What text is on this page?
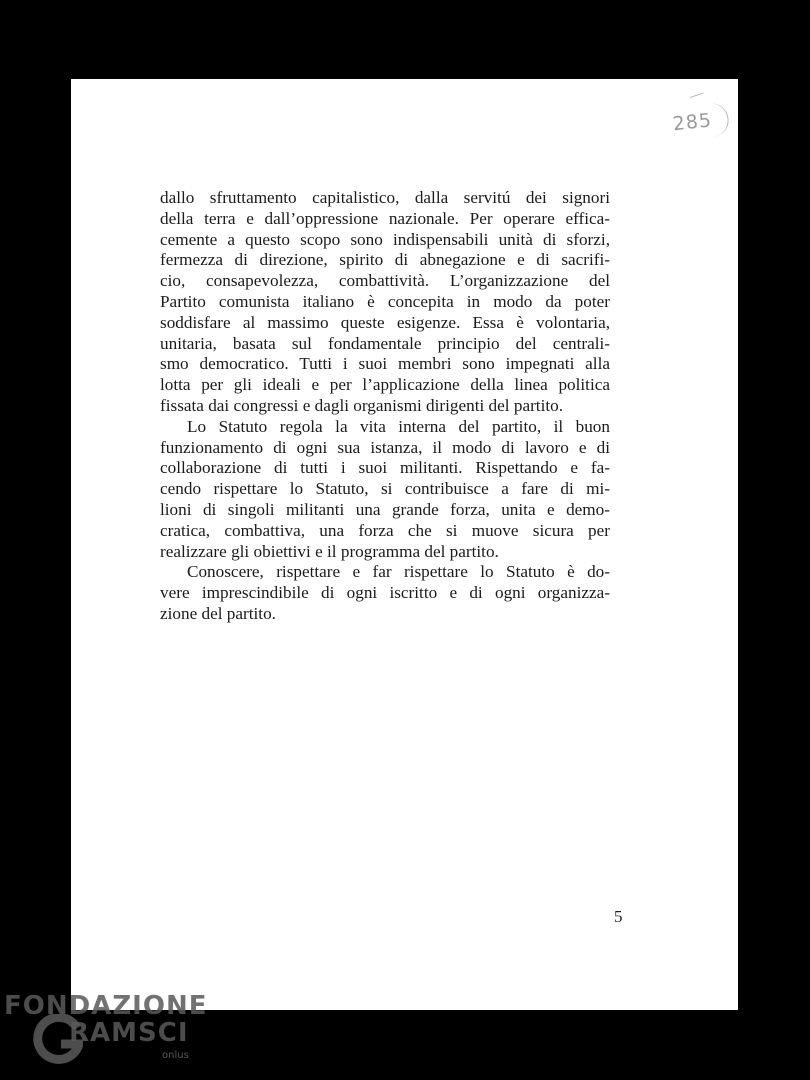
285
dallo sfruttamento capitalistico, dalla servitú dei signori
della terra e dall’oppressione nazionale. Per operare effica-
cemente a questo scopo sono indispensabili unità di sforzi,
fermezza di direzione, spirito di abnegazione e di sacrifi-
cio, consapevolezza, combattività. L’organizzazione del
Partito comunista italiano è concepita in modo da poter
soddisfare al massimo queste esigenze. Essa è volontaria,
unitaria, basata sul fondamentale principio del centrali-
smo democratico. Tutti i suoi membri sono impegnati alla
lotta per gli ideali e per l’applicazione della linea politica
fissata dai congressi e dagli organismi dirigenti del partito.
Lo Statuto regola la vita interna del partito, il buon
funzionamento di ogni sua istanza, il modo di lavoro e di
collaborazione di tutti i suoi militanti. Rispettando e fa-
cendo rispettare lo Statuto, si contribuisce a fare di mi-
lioni di singoli militanti una grande forza, unita e demo-
cratica, combattiva, una forza che si muove sicura per
realizzare gli obiettivi e il programma del partito.
Conoscere, rispettare e far rispettare lo Statuto è do-
vere imprescindibile di ogni iscritto e di ogni organizza-
zione del partito.
5
FONDAZIONE
RAMSCI
onlus
